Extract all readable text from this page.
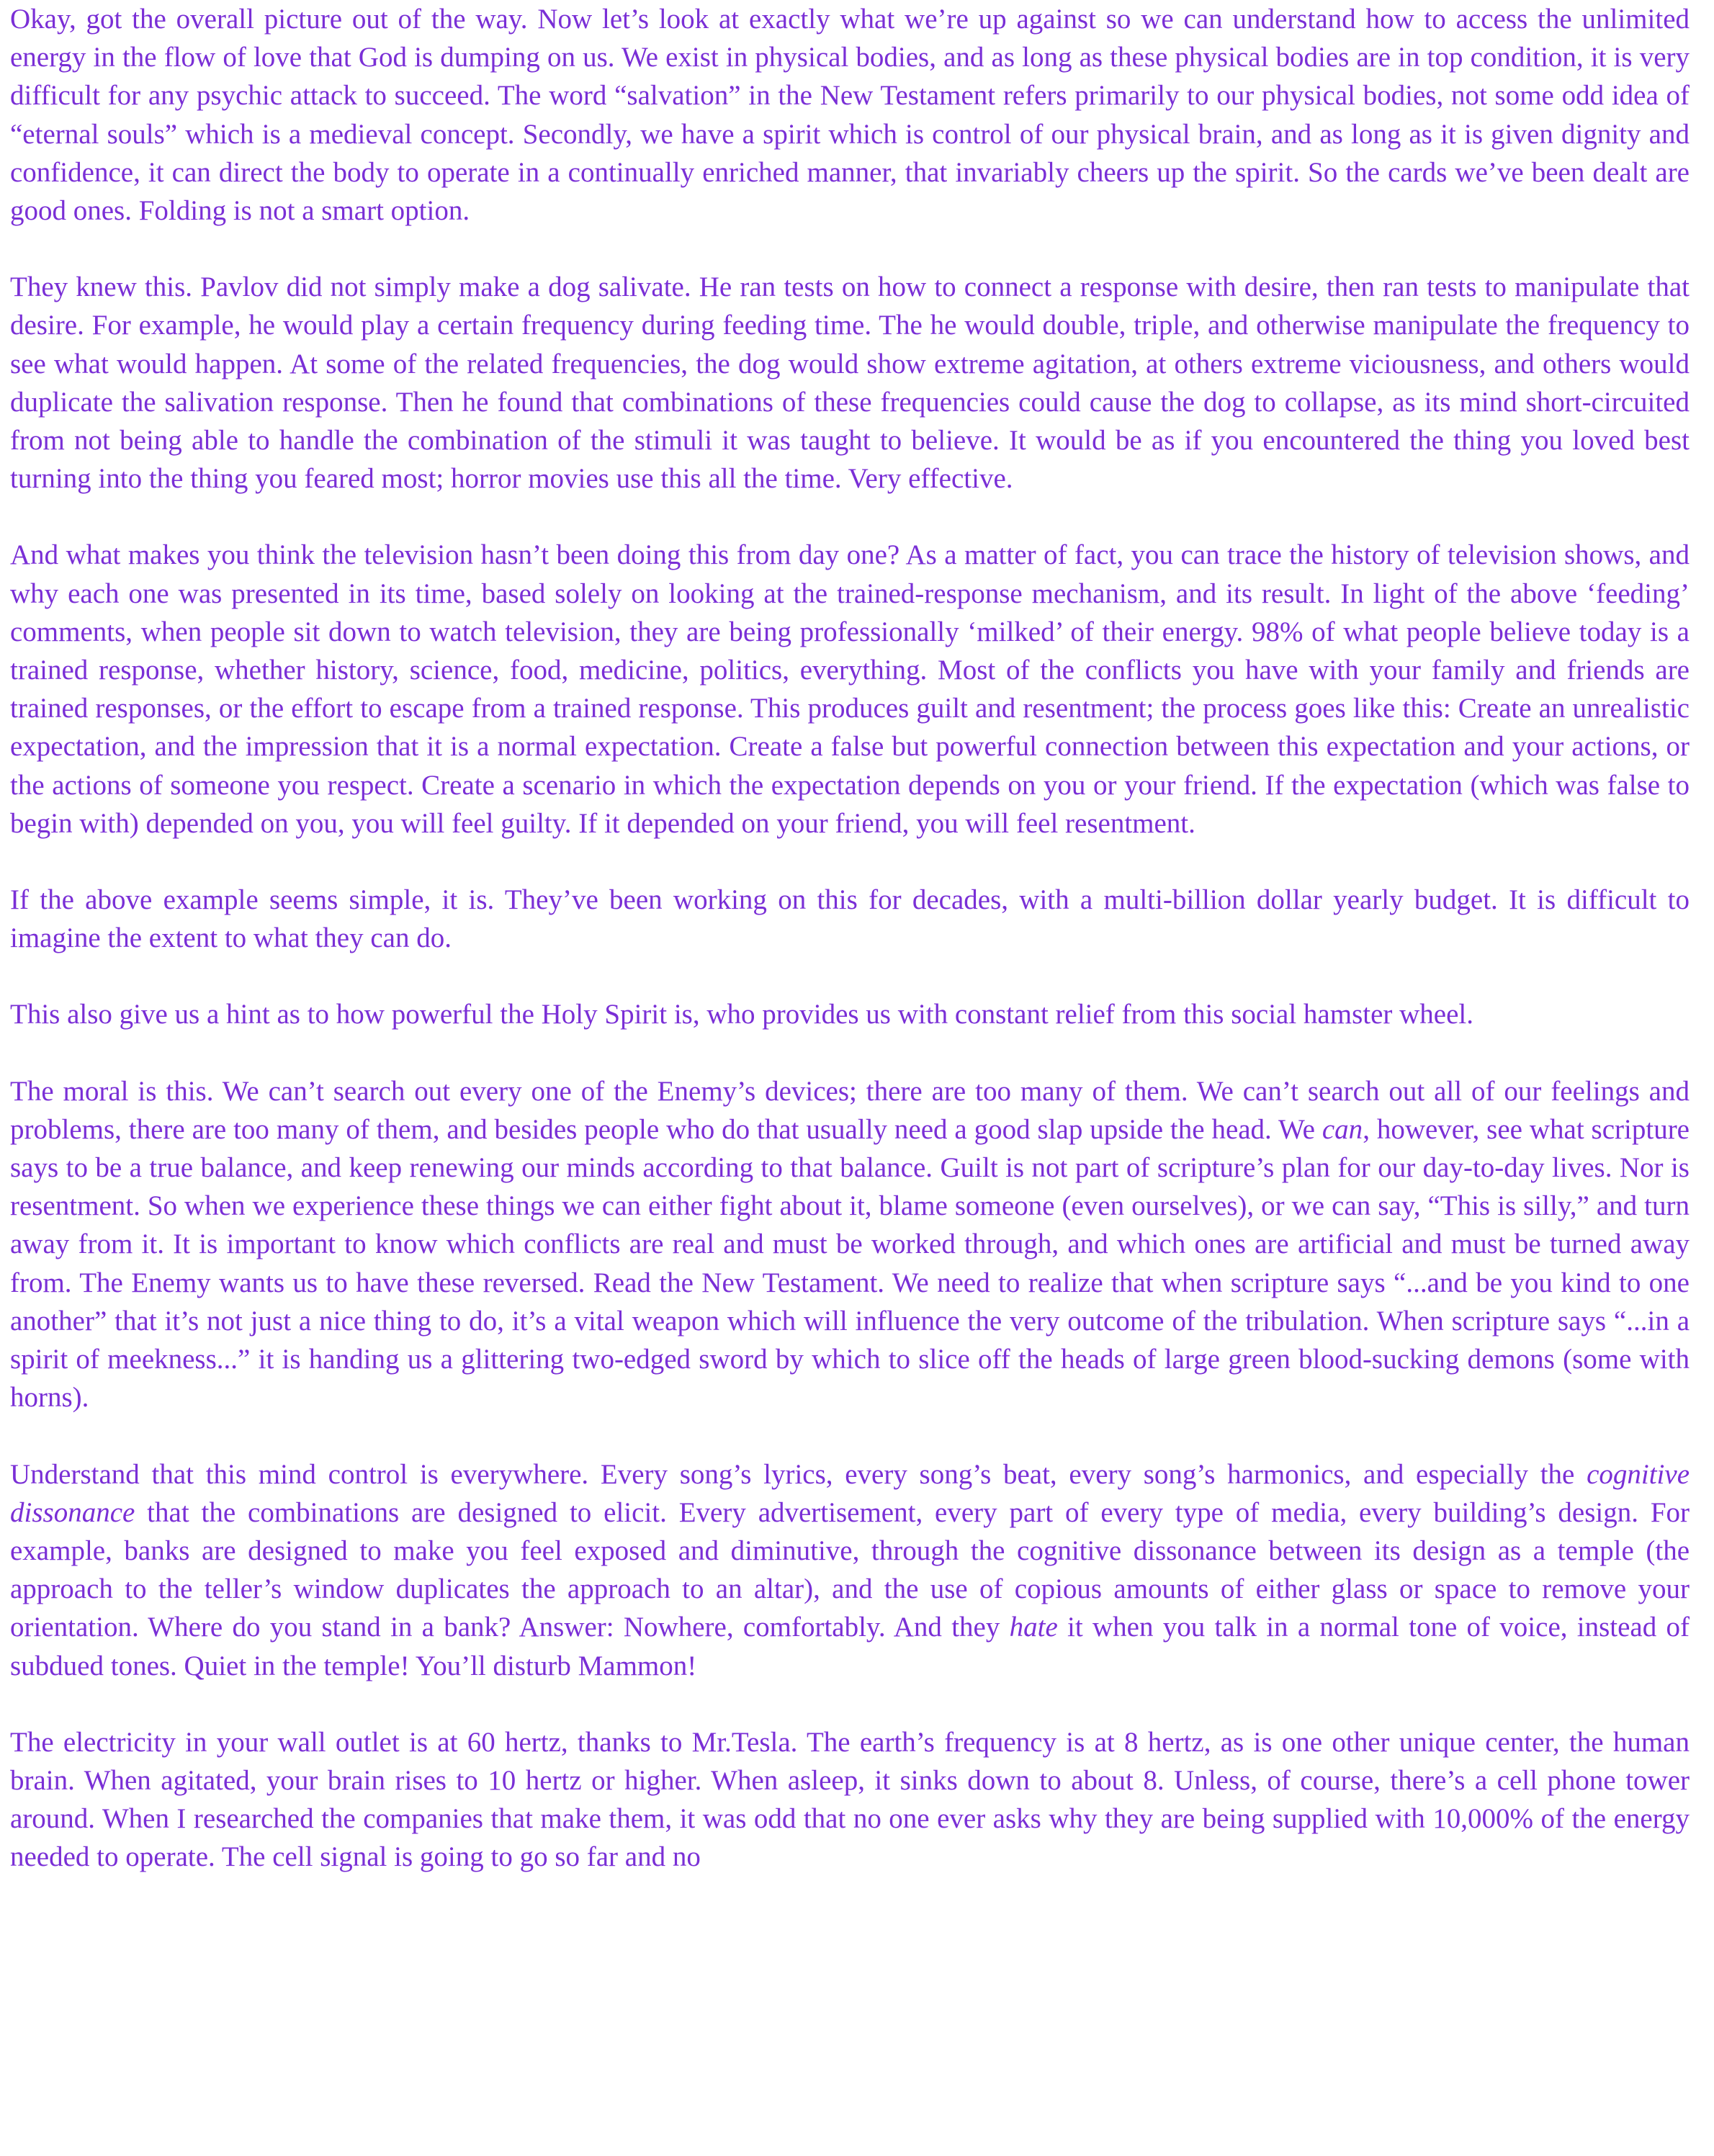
Okay, got the overall picture out of the way. Now let’s look at exactly what we’re up against so we can understand how to access the unlimited energy in the flow of love that God is dumping on us. We exist in physical bodies, and as long as these physical bodies are in top condition, it is very difficult for any psychic attack to succeed. The word “salvation” in the New Testament refers primarily to our physical bodies, not some odd idea of “eternal souls” which is a medieval concept. Secondly, we have a spirit which is control of our physical brain, and as long as it is given dignity and confidence, it can direct the body to operate in a continually enriched manner, that invariably cheers up the spirit. So the cards we’ve been dealt are good ones. Folding is not a smart option.

They knew this. Pavlov did not simply make a dog salivate. He ran tests on how to connect a response with desire, then ran tests to manipulate that desire. For example, he would play a certain frequency during feeding time. The he would double, triple, and otherwise manipulate the frequency to see what would happen. At some of the related frequencies, the dog would show extreme agitation, at others extreme viciousness, and others would duplicate the salivation response. Then he found that combinations of these frequencies could cause the dog to collapse, as its mind short-circuited from not being able to handle the combination of the stimuli it was taught to believe. It would be as if you encountered the thing you loved best turning into the thing you feared most; horror movies use this all the time. Very effective.

And what makes you think the television hasn’t been doing this from day one? As a matter of fact, you can trace the history of television shows, and why each one was presented in its time, based solely on looking at the trained-response mechanism, and its result. In light of the above ‘feeding’ comments, when people sit down to watch television, they are being professionally ‘milked’ of their energy. 98% of what people believe today is a trained response, whether history, science, food, medicine, politics, everything. Most of the conflicts you have with your family and friends are trained responses, or the effort to escape from a trained response. This produces guilt and resentment; the process goes like this: Create an unrealistic expectation, and the impression that it is a normal expectation. Create a false but powerful connection between this expectation and your actions, or the actions of someone you respect. Create a scenario in which the expectation depends on you or your friend. If the expectation (which was false to begin with) depended on you, you will feel guilty. If it depended on your friend, you will feel resentment.

If the above example seems simple, it is. They’ve been working on this for decades, with a multi-billion dollar yearly budget. It is difficult to imagine the extent to what they can do.

This also give us a hint as to how powerful the Holy Spirit is, who provides us with constant relief from this social hamster wheel.

The moral is this. We can’t search out every one of the Enemy’s devices; there are too many of them. We can’t search out all of our feelings and problems, there are too many of them, and besides people who do that usually need a good slap upside the head. We can, however, see what scripture says to be a true balance, and keep renewing our minds according to that balance. Guilt is not part of scripture’s plan for our day-to-day lives. Nor is resentment. So when we experience these things we can either fight about it, blame someone (even ourselves), or we can say, “This is silly,” and turn away from it. It is important to know which conflicts are real and must be worked through, and which ones are artificial and must be turned away from. The Enemy wants us to have these reversed. Read the New Testament. We need to realize that when scripture says “...and be you kind to one another” that it’s not just a nice thing to do, it’s a vital weapon which will influence the very outcome of the tribulation. When scripture says “...in a spirit of meekness...” it is handing us a glittering two-edged sword by which to slice off the heads of large green blood-sucking demons (some with horns).

Understand that this mind control is everywhere. Every song’s lyrics, every song’s beat, every song’s harmonics, and especially the cognitive dissonance that the combinations are designed to elicit. Every advertisement, every part of every type of media, every building’s design. For example, banks are designed to make you feel exposed and diminutive, through the cognitive dissonance between its design as a temple (the approach to the teller’s window duplicates the approach to an altar), and the use of copious amounts of either glass or space to remove your orientation. Where do you stand in a bank? Answer: Nowhere, comfortably. And they hate it when you talk in a normal tone of voice, instead of subdued tones. Quiet in the temple! You’ll disturb Mammon!

The electricity in your wall outlet is at 60 hertz, thanks to Mr.Tesla. The earth’s frequency is at 8 hertz, as is one other unique center, the human brain. When agitated, your brain rises to 10 hertz or higher. When asleep, it sinks down to about 8. Unless, of course, there’s a cell phone tower around. When I researched the companies that make them, it was odd that no one ever asks why they are being supplied with 10,000% of the energy needed to operate. The cell signal is going to go so far and no
